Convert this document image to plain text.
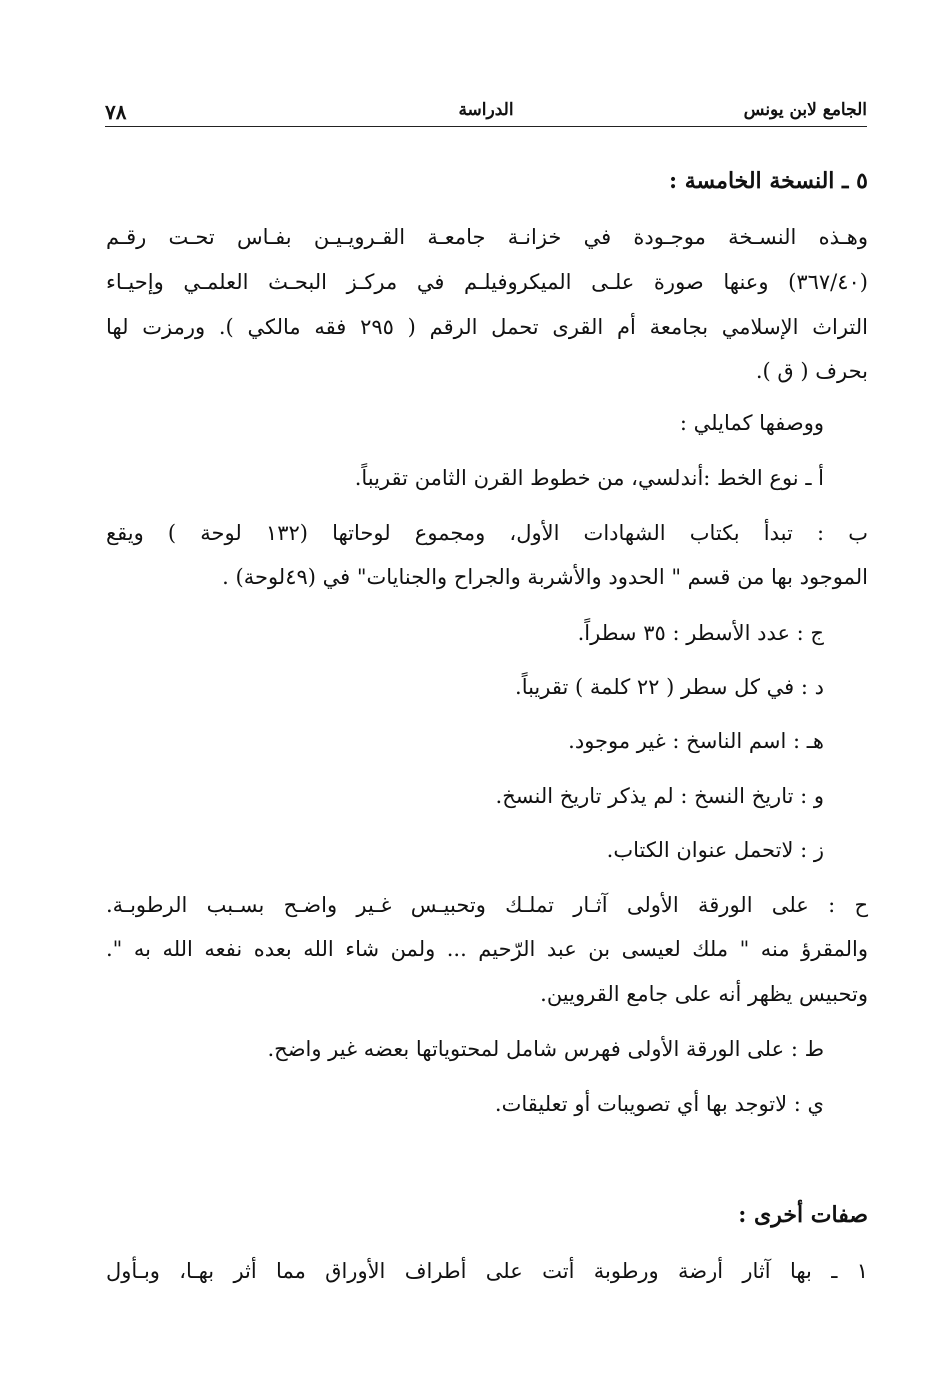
الجامع لابن يونس
الدراسة
٧٨
٥ ـ النسخة الخامسة :
وهـذه النسـخة موجـودة في خزانـة جامعـة القـرويـيـن بفـاس تحـت رقـم
(٣٦٧/٤٠) وعنها صورة علـى الميكروفيلـم في مركـز البحـث العلمـي وإحيـاء
التراث الإسلامي بجامعة أم القرى تحمل الرقم ( ٢٩٥ فقه مالكي ). ورمزت لها
بحرف ( ق ).
ووصفها كمايلي :
أ ـ نوع الخط :أندلسي، من خطوط القرن الثامن تقريباً.
ب : تبدأ بكتاب الشهادات الأول، ومجموع لوحاتها (١٣٢ لوحة ) ويقع
الموجود بها من قسم " الحدود والأشربة والجراح والجنايات" في (٤٩لوحة) .
ج : عدد الأسطر : ٣٥ سطراً.
د : في كل سطر ( ٢٢ كلمة ) تقريباً.
هـ : اسم الناسخ : غير موجود.
و : تاريخ النسخ : لم يذكر تاريخ النسخ.
ز : لاتحمل عنوان الكتاب.
ح : على الورقة الأولى آثـار تملـك وتحبيـس غـير واضـح بسـبب الرطوبـة.
والمقرؤ منه " ملك لعيسى بن عبد الرّحيم ... ولمن شاء الله بعده نفعه الله به ".
وتحبيس يظهر أنه على جامع القرويين.
ط : على الورقة الأولى فهرس شامل لمحتوياتها بعضه غير واضح.
ي : لاتوجد بها أي تصويبات أو تعليقات.
صفات أخرى :
١ ـ بها آثار أرضة ورطوبة أتت على أطراف الأوراق مما أثر بهـا، وبـأول
